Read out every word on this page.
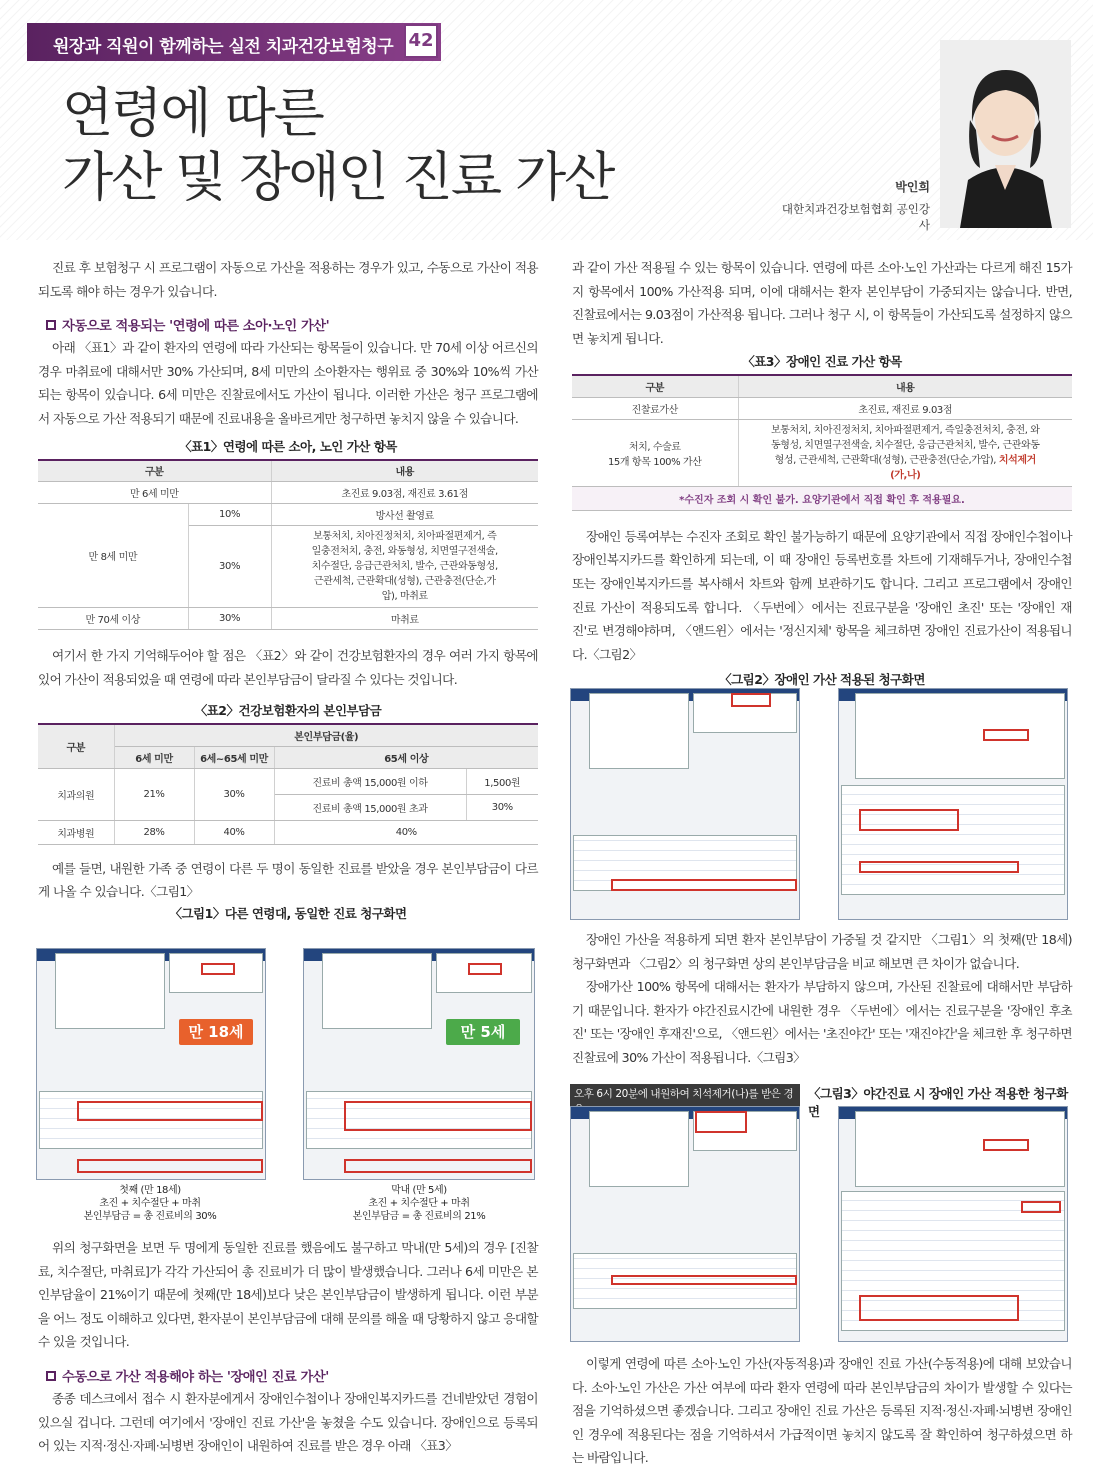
원장과 직원이 함께하는 실전 치과건강보험청구 42
연령에 따른
가산 및 장애인 진료 가산	박인희
대한치과건강보험협회 공인강사

진료 후 보험청구 시 프로그램이 자동으로 가산을 적용하는 경우가 있고, 수동으로 가산이 적용되도록 해야 하는 경우가 있습니다.

자동으로 적용되는 '연령에 따른 소아·노인 가산'

아래 〈표1〉과 같이 환자의 연령에 따라 가산되는 항목들이 있습니다. 만 70세 이상 어르신의 경우 마취료에 대해서만 30% 가산되며, 8세 미만의 소아환자는 행위료 중 30%와 10%씩 가산되는 항목이 있습니다. 6세 미만은 진찰료에서도 가산이 됩니다. 이러한 가산은 청구 프로그램에서 자동으로 가산 적용되기 때문에 진료내용을 올바르게만 청구하면 놓치지 않을 수 있습니다.

〈표1〉연령에 따른 소아, 노인 가산 항목
구분		내용
만 6세 미만		초진료 9.03점, 재진료 3.61점
만 8세 미만	10%	방사선 촬영료
	30%	보통처치, 치아진정처치, 치아파절편제거, 즉일충전처치, 충전, 와동형성, 치면열구전색술, 치수절단, 응급근관처치, 발수, 근관와동형성, 근관세척, 근관확대(성형), 근관충전(단순,가압), 마취료
만 70세 이상	30%	마취료

여기서 한 가지 기억해두어야 할 점은 〈표2〉와 같이 건강보험환자의 경우 여러 가지 항목에 있어 가산이 적용되었을 때 연령에 따라 본인부담금이 달라질 수 있다는 것입니다.

〈표2〉건강보험환자의 본인부담금
구분	본인부담금(율)			
	6세 미만	6세~65세 미만	65세 이상	
치과의원	21%	30%	진료비 총액 15,000원 이하	1,500원
			진료비 총액 15,000원 초과	30%
치과병원	28%	40%	40%	

예를 들면, 내원한 가족 중 연령이 다른 두 명이 동일한 진료를 받았을 경우 본인부담금이 다르게 나올 수 있습니다.〈그림1〉

〈그림1〉다른 연령대, 동일한 진료 청구화면
만 18세
첫째 (만 18세)
초진 + 치수절단 + 마취
본인부담금 = 총 진료비의 30%
만 5세
막내 (만 5세)
초진 + 치수절단 + 마취
본인부담금 = 총 진료비의 21%

위의 청구화면을 보면 두 명에게 동일한 진료를 했음에도 불구하고 막내(만 5세)의 경우 [진찰료, 치수절단, 마취료]가 각각 가산되어 총 진료비가 더 많이 발생했습니다. 그러나 6세 미만은 본인부담율이 21%이기 때문에 첫째(만 18세)보다 낮은 본인부담금이 발생하게 됩니다. 이런 부분을 어느 정도 이해하고 있다면, 환자분이 본인부담금에 대해 문의를 해올 때 당황하지 않고 응대할 수 있을 것입니다.

수동으로 가산 적용해야 하는 '장애인 진료 가산'

종종 데스크에서 접수 시 환자분에게서 장애인수첩이나 장애인복지카드를 건네받았던 경험이 있으실 겁니다. 그런데 여기에서 '장애인 진료 가산'을 놓쳤을 수도 있습니다. 장애인으로 등록되어 있는 지적·정신·자폐·뇌병변 장애인이 내원하여 진료를 받은 경우 아래 〈표3〉

과 같이 가산 적용될 수 있는 항목이 있습니다. 연령에 따른 소아·노인 가산과는 다르게 해진 15가지 항목에서 100% 가산적용 되며, 이에 대해서는 환자 본인부담이 가중되지는 않습니다. 반면, 진찰료에서는 9.03점이 가산적용 됩니다. 그러나 청구 시, 이 항목들이 가산되도록 설정하지 않으면 놓치게 됩니다.

〈표3〉장애인 진료 가산 항목
구분	내용
진찰료가산	초진료, 재진료 9.03점

처치, 수술료
15개 항목 100% 가산	보통처치, 치아진정처치, 치아파절편제거, 즉일충전처치, 충전, 와동형성, 치면열구전색술, 치수절단, 응급근관처치, 발수, 근관와동형성, 근관세척, 근관확대(성형), 근관충전(단순,가압), 치석제거(가,나)
*수진자 조회 시 확인 불가. 요양기관에서 직접 확인 후 적용필요.

장애인 등록여부는 수진자 조회로 확인 불가능하기 때문에 요양기관에서 직접 장애인수첩이나 장애인복지카드를 확인하게 되는데, 이 때 장애인 등록번호를 차트에 기재해두거나, 장애인수첩 또는 장애인복지카드를 복사해서 차트와 함께 보관하기도 합니다. 그리고 프로그램에서 장애인 진료 가산이 적용되도록 합니다. 〈두번에〉에서는 진료구분을 '장애인 초진' 또는 '장애인 재진'로 변경해야하며, 〈앤드윈〉에서는 '정신지체' 항목을 체크하면 장애인 진료가산이 적용됩니다.〈그림2〉

〈그림2〉장애인 가산 적용된 청구화면

장애인 가산을 적용하게 되면 환자 본인부담이 가중될 것 같지만 〈그림1〉의 첫째(만 18세) 청구화면과 〈그림2〉의 청구화면 상의 본인부담금을 비교 해보면 큰 차이가 없습니다.

장애가산 100% 항목에 대해서는 환자가 부담하지 않으며, 가산된 진찰료에 대해서만 부담하기 때문입니다. 환자가 야간진료시간에 내원한 경우 〈두번에〉에서는 진료구분을 '장애인 후초진' 또는 '장애인 후재진'으로, 〈앤드윈〉에서는 '초진야간' 또는 '재진야간'을 체크한 후 청구하면 진찰료에 30% 가산이 적용됩니다.〈그림3〉

오후 6시 20분에 내원하여 치석제거(나)를 받은 경	〈그림3〉야간진료 시 장애인 가산 적용한 청구화면

이렇게 연령에 따른 소아·노인 가산(자동적용)과 장애인 진료 가산(수동적용)에 대해 보았습니다. 소아·노인 가산은 가산 여부에 따라 환자 연령에 따라 본인부담금의 차이가 발생할 수 있다는 점을 기억하셨으면 좋겠습니다. 그리고 장애인 진료 가산은 등록된 지적·정신·자폐·뇌병변 장애인인 경우에 적용된다는 점을 기억하셔서 가급적이면 놓치지 않도록 잘 확인하여 청구하셨으면 하는 바람입니다.
